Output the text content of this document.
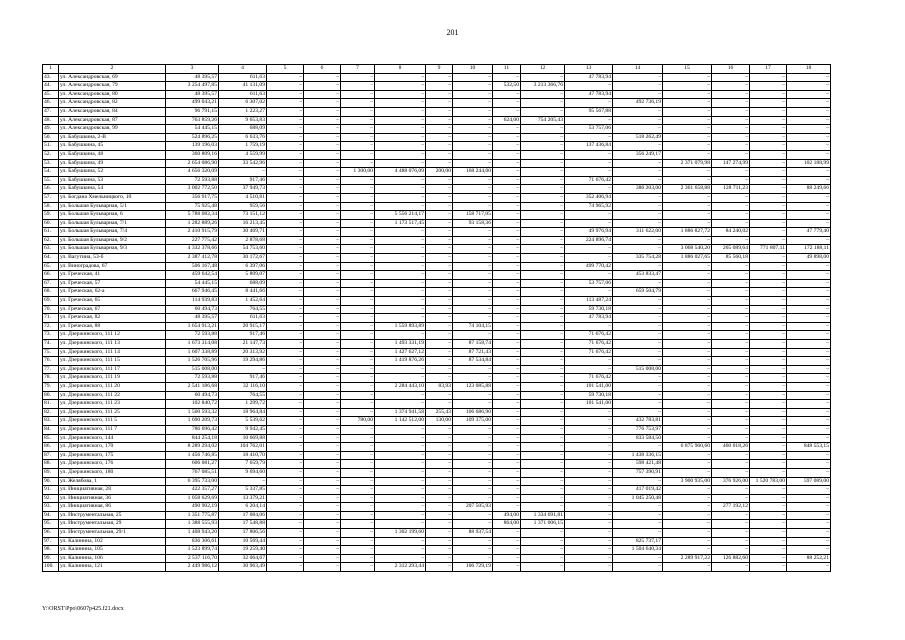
201
1	2	3	4	5	6	7	8	9	10	11	12	13	14	15	16	17	18
43.	ул. Александровская, 69	48 395,57	611,63	–	–	–	–	–	–	–	–	47 783,94	–	–	–	–	–
44.	ул. Александровская, 79	3 254 497,85	41 131,09	–	–	–	–	–	–	532,50	3 213 366,76	–	–	–	–	–	–
45.	ул. Александровская, 80	48 395,57	611,63	–	–	–	–	–	–	–	–	47 783,94	–	–	–	–	–
46.	ул. Александровская, 82	499 043,21	6 307,02	–	–	–	–	–	–	–	–	–	492 736,19	–	–	–	–
47.	ул. Александровская, 84	96 791,15	1 223,27	–	–	–	–	–	–	–	–	95 567,88	–	–	–	–	–
48.	ул. Александровская, 87	763 859,26	9 653,83	–	–	–	–	–	–	624,00	754 205,43	–	–	–	–	–	–
49.	ул. Александровская, 99	54 445,15	688,09	–	–	–	–	–	–	–	–	53 757,06	–	–	–	–	–
50.	ул. Бабушкина, 2-В	524 896,25	6 633,76	–	–	–	–	–	–	–	–	–	518 262,49	–	–	–	–
51.	ул. Бабушкина, 45	139 196,03	1 759,19	–	–	–	–	–	–	–	–	137 436,84	–	–	–	–	–
52.	ул. Бабушкина, 48	360 809,16	4 559,99	–	–	–	–	–	–	–	–	–	356 249,17	–	–	–	–
53.	ул. Бабушкина, 49	2 654 086,90	33 542,96	–	–	–	–	–	–	–	–	–	–	2 371 079,98	147 274,99	–	102 188,99
54.	ул. Бабушкина, 52	4 656 320,09	–	–	–	1 300,00	4 488 076,09	200,00	168 244,00	–	–	–	–	–	–	–	–
55.	ул. Бабушкина, 53	72 593,88	917,46	–	–	–	–	–	–	–	–	71 676,42	–	–	–	–	–
56.	ул. Бабушкина, 54	3 002 772,50	37 949,73	–	–	–	–	–	–	–	–	–	386 203,00	2 361 658,88	128 711,23	–	88 249,66
57.	ул. Богдана Хмельницкого, 10	356 917,75	4 510,81	–	–	–	–	–	–	–	–	352 406,94	–	–	–	–	–
58.	ул. Большая Бульварная, 5/1	75 925,48	959,56	–	–	–	–	–	–	–	–	74 965,92	–	–	–	–	–
59.	ул. Большая Бульварная, 6	5 788 082,34	73 151,12	–	–	–	5 556 214,17	–	158 717,05	–	–	–	–	–	–	–	–
60.	ул. Большая Бульварная, 7/1	1 282 889,26	16 213,45	–	–	–	1 173 517,45	–	93 158,36	–	–	–	–	–	–	–	–
61.	ул. Большая Бульварная, 7/4	2 410 915,79	30 469,71	–	–	–	–	–	–	–	–	49 976,94	311 622,00	1 886 827,72	84 240,02	–	47 779,40
62.	ул. Большая Бульварная, 9/2	227 775,42	2 878,68	–	–	–	–	–	–	–	–	224 896,74	–	–	–	–	–
63.	ул. Большая Бульварная, 9/3	4 332 378,66	54 753,60	–	–	–	–	–	–	–	–	–	–	3 068 540,20	265 089,64	771 807,11	172 188,11
64.	ул. Вагутина, 53-б	2 387 412,78	30 172,67	–	–	–	–	–	–	–	–	–	335 754,28	1 886 027,65	85 560,18	–	49 898,00
65.	ул. Виноградова, 67	506 167,48	6 397,06	–	–	–	–	–	–	–	–	499 770,42	–	–	–	–	–
66.	ул. Греческая, 41	459 642,54	5 809,07	–	–	–	–	–	–	–	–	–	453 833,47	–	–	–	–
67.	ул. Греческая, 57	54 445,15	688,09	–	–	–	–	–	–	–	–	53 757,06	–	–	–	–	–
68.	ул. Греческая, 62-а	667 946,45	8 441,66	–	–	–	–	–	–	–	–	–	659 504,79	–	–	–	–
69.	ул. Греческая, 65	114 939,83	1 452,64	–	–	–	–	–	–	–	–	113 487,24	–	–	–	–	–
70.	ул. Греческая, 67	60 494,73	764,55	–	–	–	–	–	–	–	–	59 730,18	–	–	–	–	–
71.	ул. Греческая, 82	48 395,57	611,63	–	–	–	–	–	–	–	–	47 783,94	–	–	–	–	–
72.	ул. Греческая, 88	1 654 913,21	20 915,17	–	–	–	1 559 893,89	–	74 104,15	–	–	–	–	–	–	–	–
73.	ул. Дзержинского, 111 12	72 593,88	917,46	–	–	–	–	–	–	–	–	71 676,42	–	–	–	–	–
74.	ул. Дзержинского, 111 13	1 673 314,08	21 147,73	–	–	–	1 493 331,19	–	87 158,74	–	–	71 676,42	–	–	–	–	–
75.	ул. Дзержинского, 111 14	1 607 338,89	20 313,92	–	–	–	1 427 627,12	–	87 721,43	–	–	71 676,42	–	–	–	–	–
76.	ул. Дзержинского, 111 15	1 526 705,96	19 294,86	–	–	–	1 419 876,26	–	87 534,84	–	–	–	–	–	–	–	–
77.	ул. Дзержинского, 111 17	515 008,00	–	–	–	–	–	–	–	–	–	–	515 008,00	–	–	–	–
78.	ул. Дзержинского, 111 19	72 593,88	917,46	–	–	–	–	–	–	–	–	71 676,42	–	–	–	–	–
79.	ул. Дзержинского, 111 20	2 541 186,68	32 116,10	–	–	–	2 284 443,10	83,93	123 085,88	–	–	101 541,00	–	–	–	–	–
80.	ул. Дзержинского, 111 22	60 494,73	764,55	–	–	–	–	–	–	–	–	59 730,18	–	–	–	–	–
81.	ул. Дзержинского, 111 23	102 840,72	1 299,72	–	–	–	–	–	–	–	–	101 541,00	–	–	–	–	–
82.	ул. Дзержинского, 111 25	1 500 593,32	18 964,84	–	–	–	1 374 941,58	255,43	106 686,90	–	–	–	–	–	–	–	–
83.	ул. Дзержинского, 111 5	1 690 209,73	5 539,62	–	–	780,00	1 142 512,00	130,00	109 375,00	–	–	–	432 783,81	–	–	–	–
84.	ул. Дзержинского, 111 7	786 696,42	9 942,45	–	–	–	–	–	–	–	–	–	776 753,97	–	–	–	–
85.	ул. Дзержинского, 144	844 254,18	10 669,88	–	–	–	–	–	–	–	–	–	833 584,50	–	–	–	–
86.	ул. Дзержинского, 170	8 289 294,02	104 762,01	–	–	–	–	–	–	–	–	–	–	6 875 960,60	460 018,26	–	848 553,15
87.	ул. Дзержинского, 175	1 456 746,85	18 410,70	–	–	–	–	–	–	–	–	–	1 438 336,15	–	–	–	–
88.	ул. Дзержинского, 176	606 081,27	7 659,79	–	–	–	–	–	–	–	–	–	598 421,48	–	–	–	–
89.	ул. Дзержинского, 180	767 085,51	9 694,60	–	–	–	–	–	–	–	–	–	757 390,91	–	–	–	–
90.	ул. Желябова, 1	6 395 733,00	–	–	–	–	–	–	–	–	–	–	–	3 900 935,00	376 926,00	1 520 783,00	597 089,00
91.	ул. Инициативная, 28	422 357,27	5 337,85	–	–	–	–	–	–	–	–	–	417 019,42	–	–	–	–
92.	ул. Инициативная, 36	1 058 629,69	13 379,21	–	–	–	–	–	–	–	–	–	1 045 250,48	–	–	–	–
93.	ул. Инициативная, 86	490 902,19	6 204,14	–	–	–	–	–	207 505,93	–	–	–	–	–	277 192,12	–	–
94.	ул. Инструментальная, 25	1 351 775,87	17 084,06	–	–	–	–	–	–	494,00	1 334 691,81	–	–	–	–	–	–
95.	ул. Инструментальная, 29	1 388 555,93	17 548,88	–	–	–	–	–	–	864,00	1 371 006,15	–	–	–	–	–	–
96.	ул. Инструментальная, 29/1	1 408 943,20	17 806,56	–	–	–	1 302 199,60	–	88 937,54	–	–	–	–	–	–	–	–
97.	ул. Калинина, 102	836 306,61	10 569,44	–	–	–	–	–	–	–	–	–	825 737,17	–	–	–	–
98.	ул. Калинина, 105	1 523 899,74	19 259,40	–	–	–	–	–	–	–	–	–	1 504 640,34	–	–	–	–
99.	ул. Калинина, 106	2 537 116,70	32 064,67	–	–	–	–	–	–	–	–	–	–	2 289 917,22	126 882,60	–	88 252,21
100.	ул. Калинина, 121	2 449 986,12	30 963,49	–	–	–	2 312 293,44	–	106 729,19	–	–	–	–	–	–	–	–
Y:\ORST\Ppo\0607p425.f21.docx
